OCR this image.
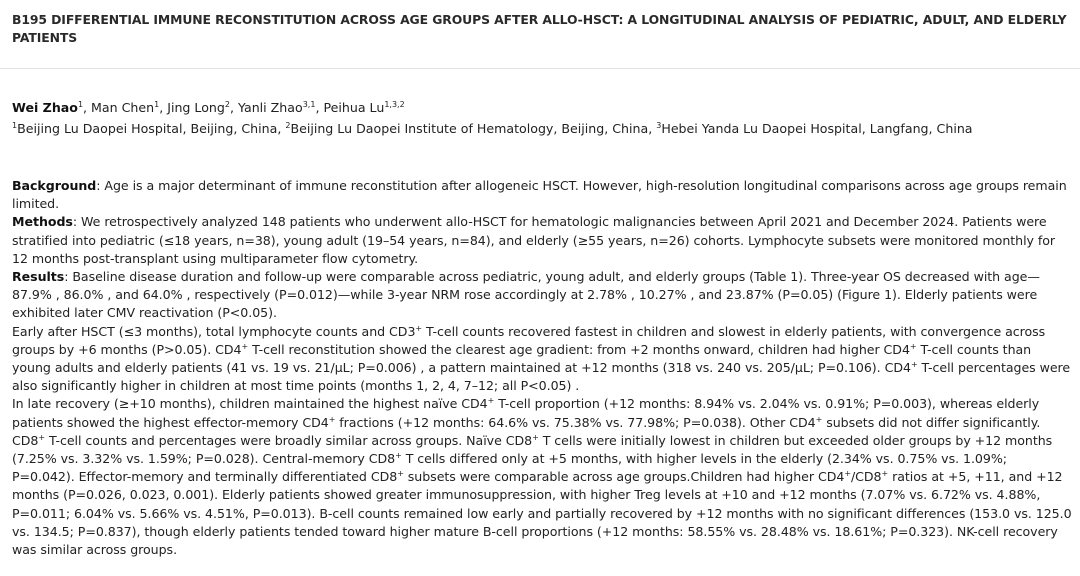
B195 DIFFERENTIAL IMMUNE RECONSTITUTION ACROSS AGE GROUPS AFTER ALLO-HSCT: A LONGITUDINAL ANALYSIS OF PEDIATRIC, ADULT, AND ELDERLY PATIENTS
Wei Zhao$^1$, Man Chen$^1$, Jing Long$^2$, Yanli Zhao$^{3,1}$, Peihua Lu$^{1,3,2}$
$^1$Beijing Lu Daopei Hospital, Beijing, China, $^2$Beijing Lu Daopei Institute of Hematology, Beijing, China, $^3$Hebei Yanda Lu Daopei Hospital, Langfang, China

Background: Age is a major determinant of immune reconstitution after allogeneic HSCT. However, high-resolution longitudinal comparisons across age groups remain limited.

Methods: We retrospectively analyzed 148 patients who underwent allo-HSCT for hematologic malignancies between April 2021 and December 2024. Patients were stratified into pediatric (≤18 years, n=38), young adult (19–54 years, n=84), and elderly (≥55 years, n=26) cohorts. Lymphocyte subsets were monitored monthly for 12 months post-transplant using multiparameter flow cytometry.

Results: Baseline disease duration and follow-up were comparable across pediatric, young adult, and elderly groups (Table 1). Three-year OS decreased with age—87.9% , 86.0% , and 64.0% , respectively (P=0.012)—while 3-year NRM rose accordingly at 2.78% , 10.27% , and 23.87% (P=0.05) (Figure 1). Elderly patients were exhibited later CMV reactivation (P<0.05).

Early after HSCT (≤3 months), total lymphocyte counts and CD3+ T-cell counts recovered fastest in children and slowest in elderly patients, with convergence across groups by +6 months (P>0.05). CD4+ T-cell reconstitution showed the clearest age gradient: from +2 months onward, children had higher CD4+ T-cell counts than young adults and elderly patients (41 vs. 19 vs. 21/μL; P=0.006) , a pattern maintained at +12 months (318 vs. 240 vs. 205/μL; P=0.106). CD4+ T-cell percentages were also significantly higher in children at most time points (months 1, 2, 4, 7–12; all P<0.05) .

In late recovery (≥+10 months), children maintained the highest naïve CD4+ T-cell proportion (+12 months: 8.94% vs. 2.04% vs. 0.91%; P=0.003), whereas elderly patients showed the highest effector-memory CD4+ fractions (+12 months: 64.6% vs. 75.38% vs. 77.98%; P=0.038). Other CD4+ subsets did not differ significantly. CD8+ T-cell counts and percentages were broadly similar across groups. Naïve CD8+ T cells were initially lowest in children but exceeded older groups by +12 months (7.25% vs. 3.32% vs. 1.59%; P=0.028). Central-memory CD8+ T cells differed only at +5 months, with higher levels in the elderly (2.34% vs. 0.75% vs. 1.09%; P=0.042). Effector-memory and terminally differentiated CD8+ subsets were comparable across age groups.Children had higher CD4+/CD8+ ratios at +5, +11, and +12 months (P=0.026, 0.023, 0.001). Elderly patients showed greater immunosuppression, with higher Treg levels at +10 and +12 months (7.07% vs. 6.72% vs. 4.88%, P=0.011; 6.04% vs. 5.66% vs. 4.51%, P=0.013). B-cell counts remained low early and partially recovered by +12 months with no significant differences (153.0 vs. 125.0 vs. 134.5; P=0.837), though elderly patients tended toward higher mature B-cell proportions (+12 months: 58.55% vs. 28.48% vs. 18.61%; P=0.323). NK-cell recovery was similar across groups.
